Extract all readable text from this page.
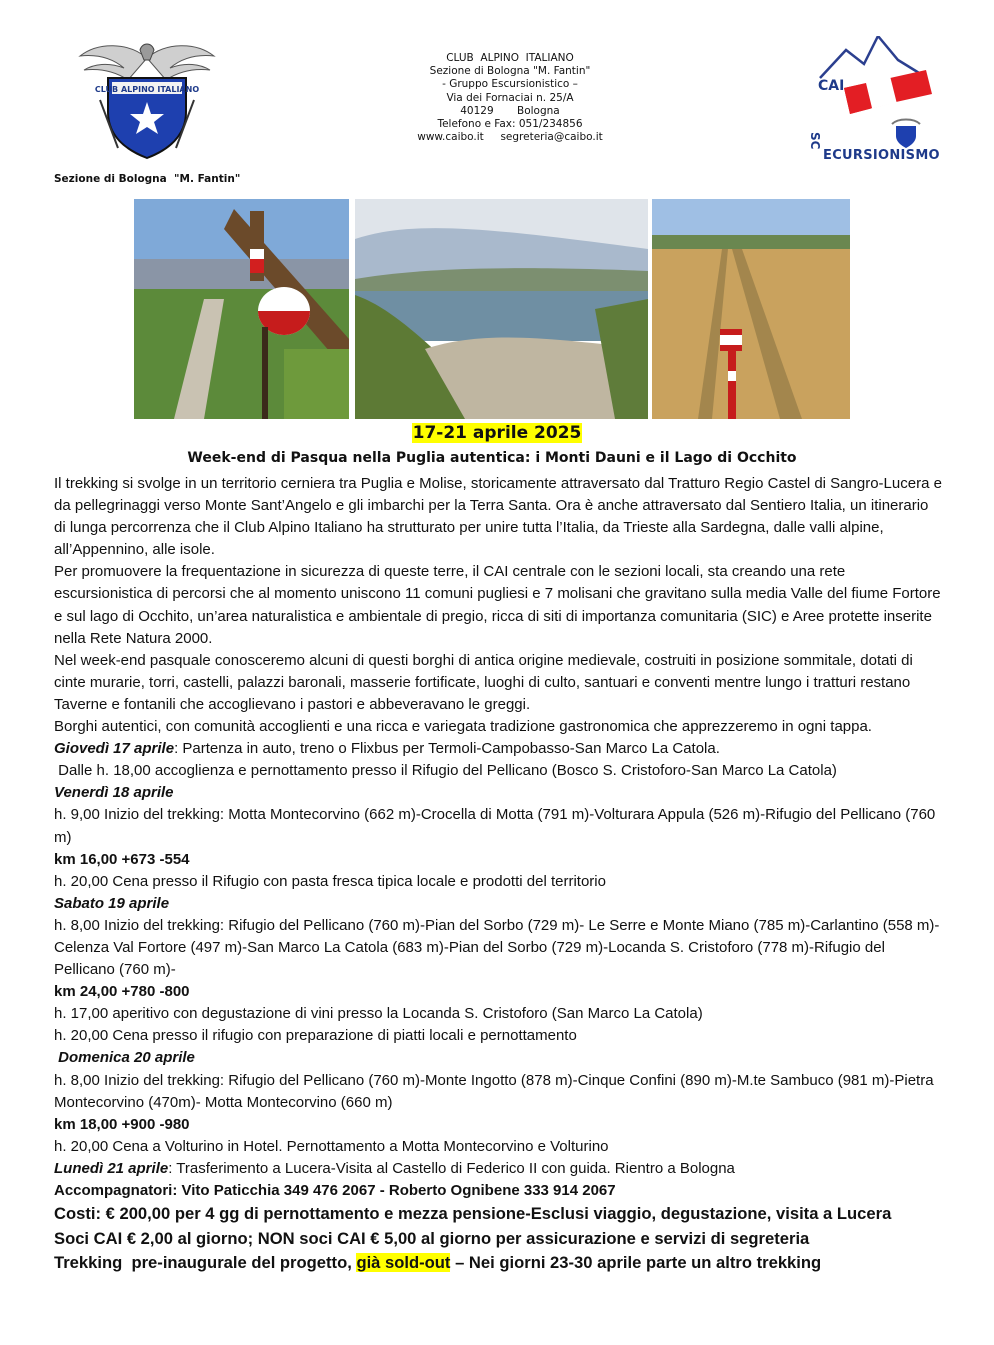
CLUB ALPINO ITALIANO
Sezione di Bologna  "M. Fantin"
CLUB  ALPINO  ITALIANO
Sezione di Bologna "M. Fantin"
- Gruppo Escursionistico –
Via dei Fornaciai n. 25/A
40129       Bologna
Telefono e Fax: 051/234856
www.caibo.it     segreteria@caibo.it	SC
CAI
ECURSIONISMO
17-21 aprile 2025
Week-end di Pasqua nella Puglia autentica: i Monti Dauni e il Lago di Occhito

Il trekking si svolge in un territorio cerniera tra Puglia e Molise, storicamente attraversato dal Tratturo Regio Castel di Sangro-Lucera e da pellegrinaggi verso Monte Sant’Angelo e gli imbarchi per la Terra Santa. Ora è anche attraversato dal Sentiero Italia, un itinerario di lunga percorrenza che il Club Alpino Italiano ha strutturato per unire tutta l’Italia, da Trieste alla Sardegna, dalle valli alpine, all’Appennino, alle isole.

Per promuovere la frequentazione in sicurezza di queste terre, il CAI centrale con le sezioni locali, sta creando una rete escursionistica di percorsi che al momento uniscono 11 comuni pugliesi e 7 molisani che gravitano sulla media Valle del fiume Fortore e sul lago di Occhito, un’area naturalistica e ambientale di pregio, ricca di siti di importanza comunitaria (SIC) e Aree protette inserite nella Rete Natura 2000.

Nel week-end pasquale conosceremo alcuni di questi borghi di antica origine medievale, costruiti in posizione sommitale, dotati di cinte murarie, torri, castelli, palazzi baronali, masserie fortificate, luoghi di culto, santuari e conventi mentre lungo i tratturi restano Taverne e fontanili che accoglievano i pastori e abbeveravano le greggi.

Borghi autentici, con comunità accoglienti e una ricca e variegata tradizione gastronomica che apprezzeremo in ogni tappa.

Giovedì 17 aprile: Partenza in auto, treno o Flixbus per Termoli-Campobasso-San Marco La Catola.

Dalle h. 18,00 accoglienza e pernottamento presso il Rifugio del Pellicano (Bosco S. Cristoforo-San Marco La Catola)

Venerdì 18 aprile

h. 9,00 Inizio del trekking: Motta Montecorvino (662 m)-Crocella di Motta (791 m)-Volturara Appula (526 m)-Rifugio del Pellicano (760 m)

km 16,00 +673 -554

h. 20,00 Cena presso il Rifugio con pasta fresca tipica locale e prodotti del territorio

Sabato 19 aprile

h. 8,00 Inizio del trekking: Rifugio del Pellicano (760 m)-Pian del Sorbo (729 m)- Le Serre e Monte Miano (785 m)-Carlantino (558 m)-Celenza Val Fortore (497 m)-San Marco La Catola (683 m)-Pian del Sorbo (729 m)-Locanda S. Cristoforo (778 m)-Rifugio del Pellicano (760 m)-

km 24,00 +780 -800

h. 17,00 aperitivo con degustazione di vini presso la Locanda S. Cristoforo (San Marco La Catola)

h. 20,00 Cena presso il rifugio con preparazione di piatti locali e pernottamento

Domenica 20 aprile

h. 8,00 Inizio del trekking: Rifugio del Pellicano (760 m)-Monte Ingotto (878 m)-Cinque Confini (890 m)-M.te Sambuco (981 m)-Pietra Montecorvino (470m)- Motta Montecorvino (660 m)

km 18,00 +900 -980

h. 20,00 Cena a Volturino in Hotel. Pernottamento a Motta Montecorvino e Volturino

Lunedì 21 aprile: Trasferimento a Lucera-Visita al Castello di Federico II con guida. Rientro a Bologna

Accompagnatori: Vito Paticchia 349 476 2067 - Roberto Ognibene 333 914 2067

Costi: € 200,00 per 4 gg di pernottamento e mezza pensione-Esclusi viaggio, degustazione, visita a Lucera

Soci CAI € 2,00 al giorno; NON soci CAI € 5,00 al giorno per assicurazione e servizi di segreteria

Trekking  pre-inaugurale del progetto, già sold-out – Nei giorni 23-30 aprile parte un altro trekking
